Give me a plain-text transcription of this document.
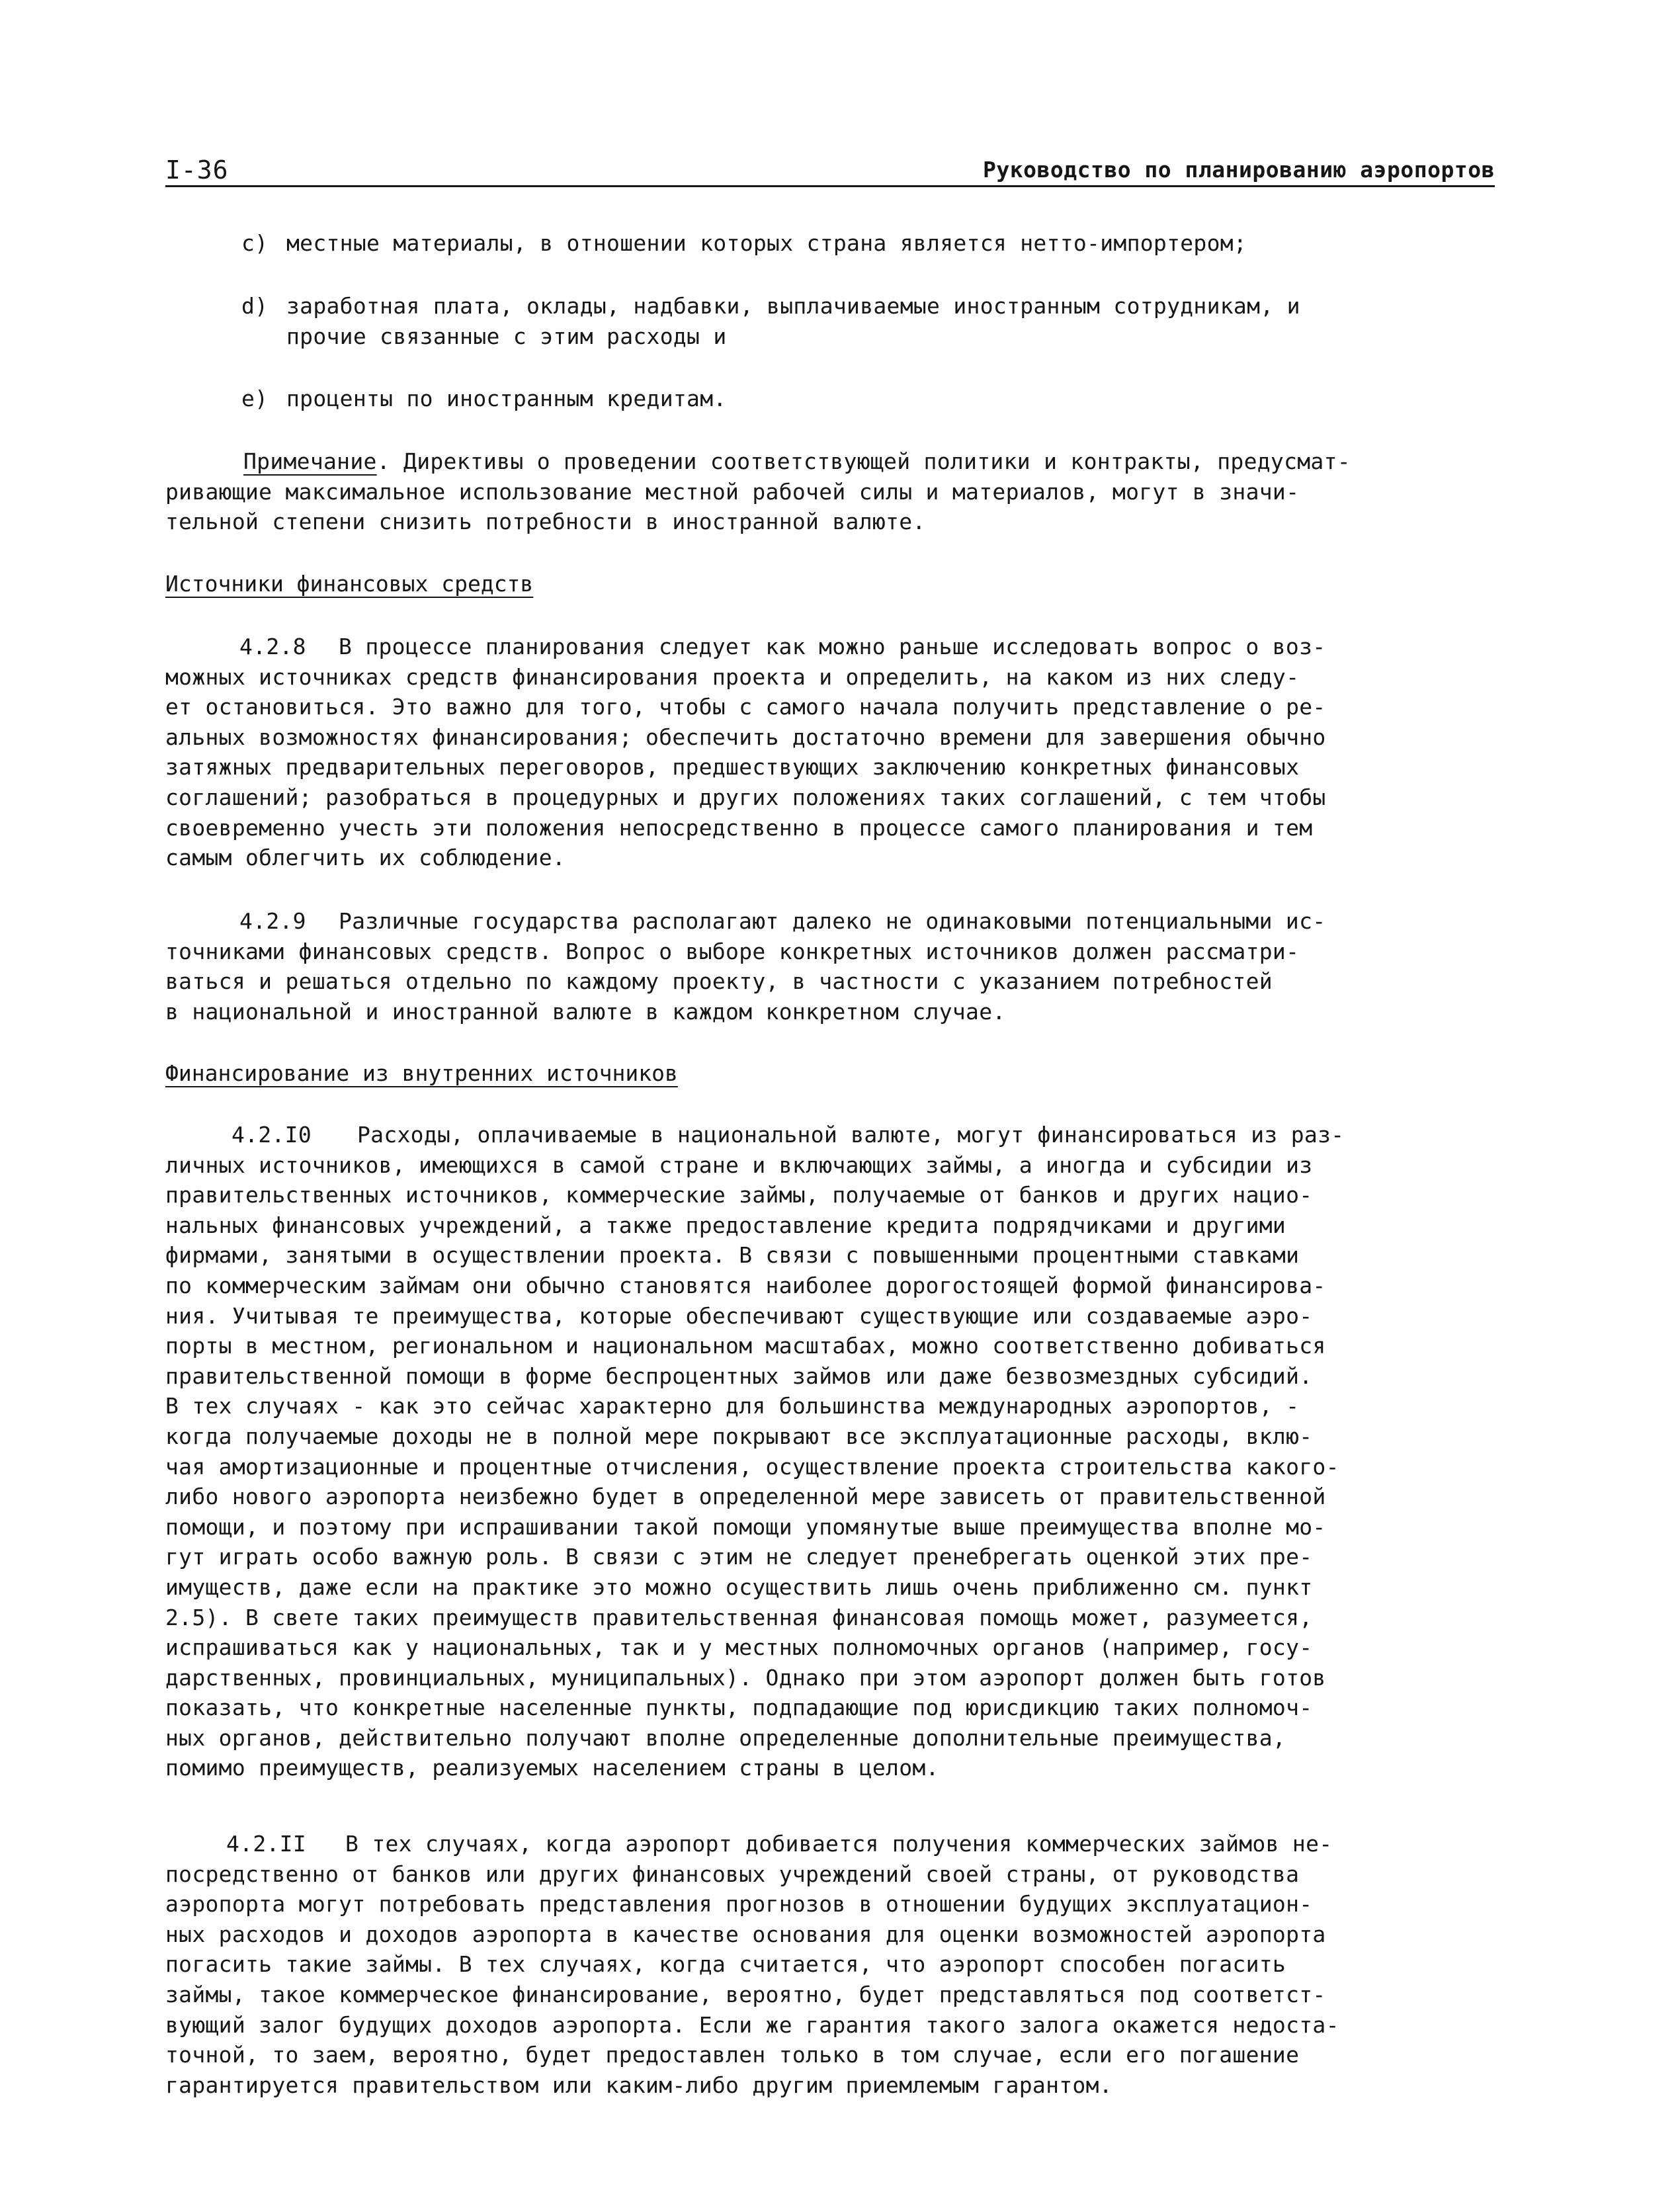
I-36	Руководство по планированию аэропортов
c) местные материалы, в отношении которых страна является нетто-импортером;
d) заработная плата, оклады, надбавки, выплачиваемые иностранным сотрудникам, и
прочие связанные с этим расходы и
e) проценты по иностранным кредитам.
Примечание. Директивы о проведении соответствующей политики и контракты, предусмат-
ривающие максимальное использование местной рабочей силы и материалов, могут в значи-
тельной степени снизить потребности в иностранной валюте.

Источники финансовых средств

4.2.8 В процессе планирования следует как можно раньше исследовать вопрос о воз-
можных источниках средств финансирования проекта и определить, на каком из них следу-
ет остановиться. Это важно для того, чтобы с самого начала получить представление о ре-
альных возможностях финансирования; обеспечить достаточно времени для завершения обычно
затяжных предварительных переговоров, предшествующих заключению конкретных финансовых
соглашений; разобраться в процедурных и других положениях таких соглашений, с тем чтобы
своевременно учесть эти положения непосредственно в процессе самого планирования и тем
самым облегчить их соблюдение.
4.2.9 Различные государства располагают далеко не одинаковыми потенциальными ис-
точниками финансовых средств. Вопрос о выборе конкретных источников должен рассматри-
ваться и решаться отдельно по каждому проекту, в частности с указанием потребностей
в национальной и иностранной валюте в каждом конкретном случае.

Финансирование из внутренних источников

4.2.I0 Расходы, оплачиваемые в национальной валюте, могут финансироваться из раз-
личных источников, имеющихся в самой стране и включающих займы, а иногда и субсидии из
правительственных источников, коммерческие займы, получаемые от банков и других нацио-
нальных финансовых учреждений, а также предоставление кредита подрядчиками и другими
фирмами, занятыми в осуществлении проекта. В связи с повышенными процентными ставками
по коммерческим займам они обычно становятся наиболее дорогостоящей формой финансирова-
ния. Учитывая те преимущества, которые обеспечивают существующие или создаваемые аэро-
порты в местном, региональном и национальном масштабах, можно соответственно добиваться
правительственной помощи в форме беспроцентных займов или даже безвозмездных субсидий.
В тех случаях - как это сейчас характерно для большинства международных аэропортов, -
когда получаемые доходы не в полной мере покрывают все эксплуатационные расходы, вклю-
чая амортизационные и процентные отчисления, осуществление проекта строительства какого-
либо нового аэропорта неизбежно будет в определенной мере зависеть от правительственной
помощи, и поэтому при испрашивании такой помощи упомянутые выше преимущества вполне мо-
гут играть особо важную роль. В связи с этим не следует пренебрегать оценкой этих пре-
имуществ, даже если на практике это можно осуществить лишь очень приближенно см. пункт
2.5). В свете таких преимуществ правительственная финансовая помощь может, разумеется,
испрашиваться как у национальных, так и у местных полномочных органов (например, госу-
дарственных, провинциальных, муниципальных). Однако при этом аэропорт должен быть готов
показать, что конкретные населенные пункты, подпадающие под юрисдикцию таких полномоч-
ных органов, действительно получают вполне определенные дополнительные преимущества,
помимо преимуществ, реализуемых населением страны в целом.
4.2.II В тех случаях, когда аэропорт добивается получения коммерческих займов не-
посредственно от банков или других финансовых учреждений своей страны, от руководства
аэропорта могут потребовать представления прогнозов в отношении будущих эксплуатацион-
ных расходов и доходов аэропорта в качестве основания для оценки возможностей аэропорта
погасить такие займы. В тех случаях, когда считается, что аэропорт способен погасить
займы, такое коммерческое финансирование, вероятно, будет представляться под соответст-
вующий залог будущих доходов аэропорта. Если же гарантия такого залога окажется недоста-
точной, то заем, вероятно, будет предоставлен только в том случае, если его погашение
гарантируется правительством или каким-либо другим приемлемым гарантом.
